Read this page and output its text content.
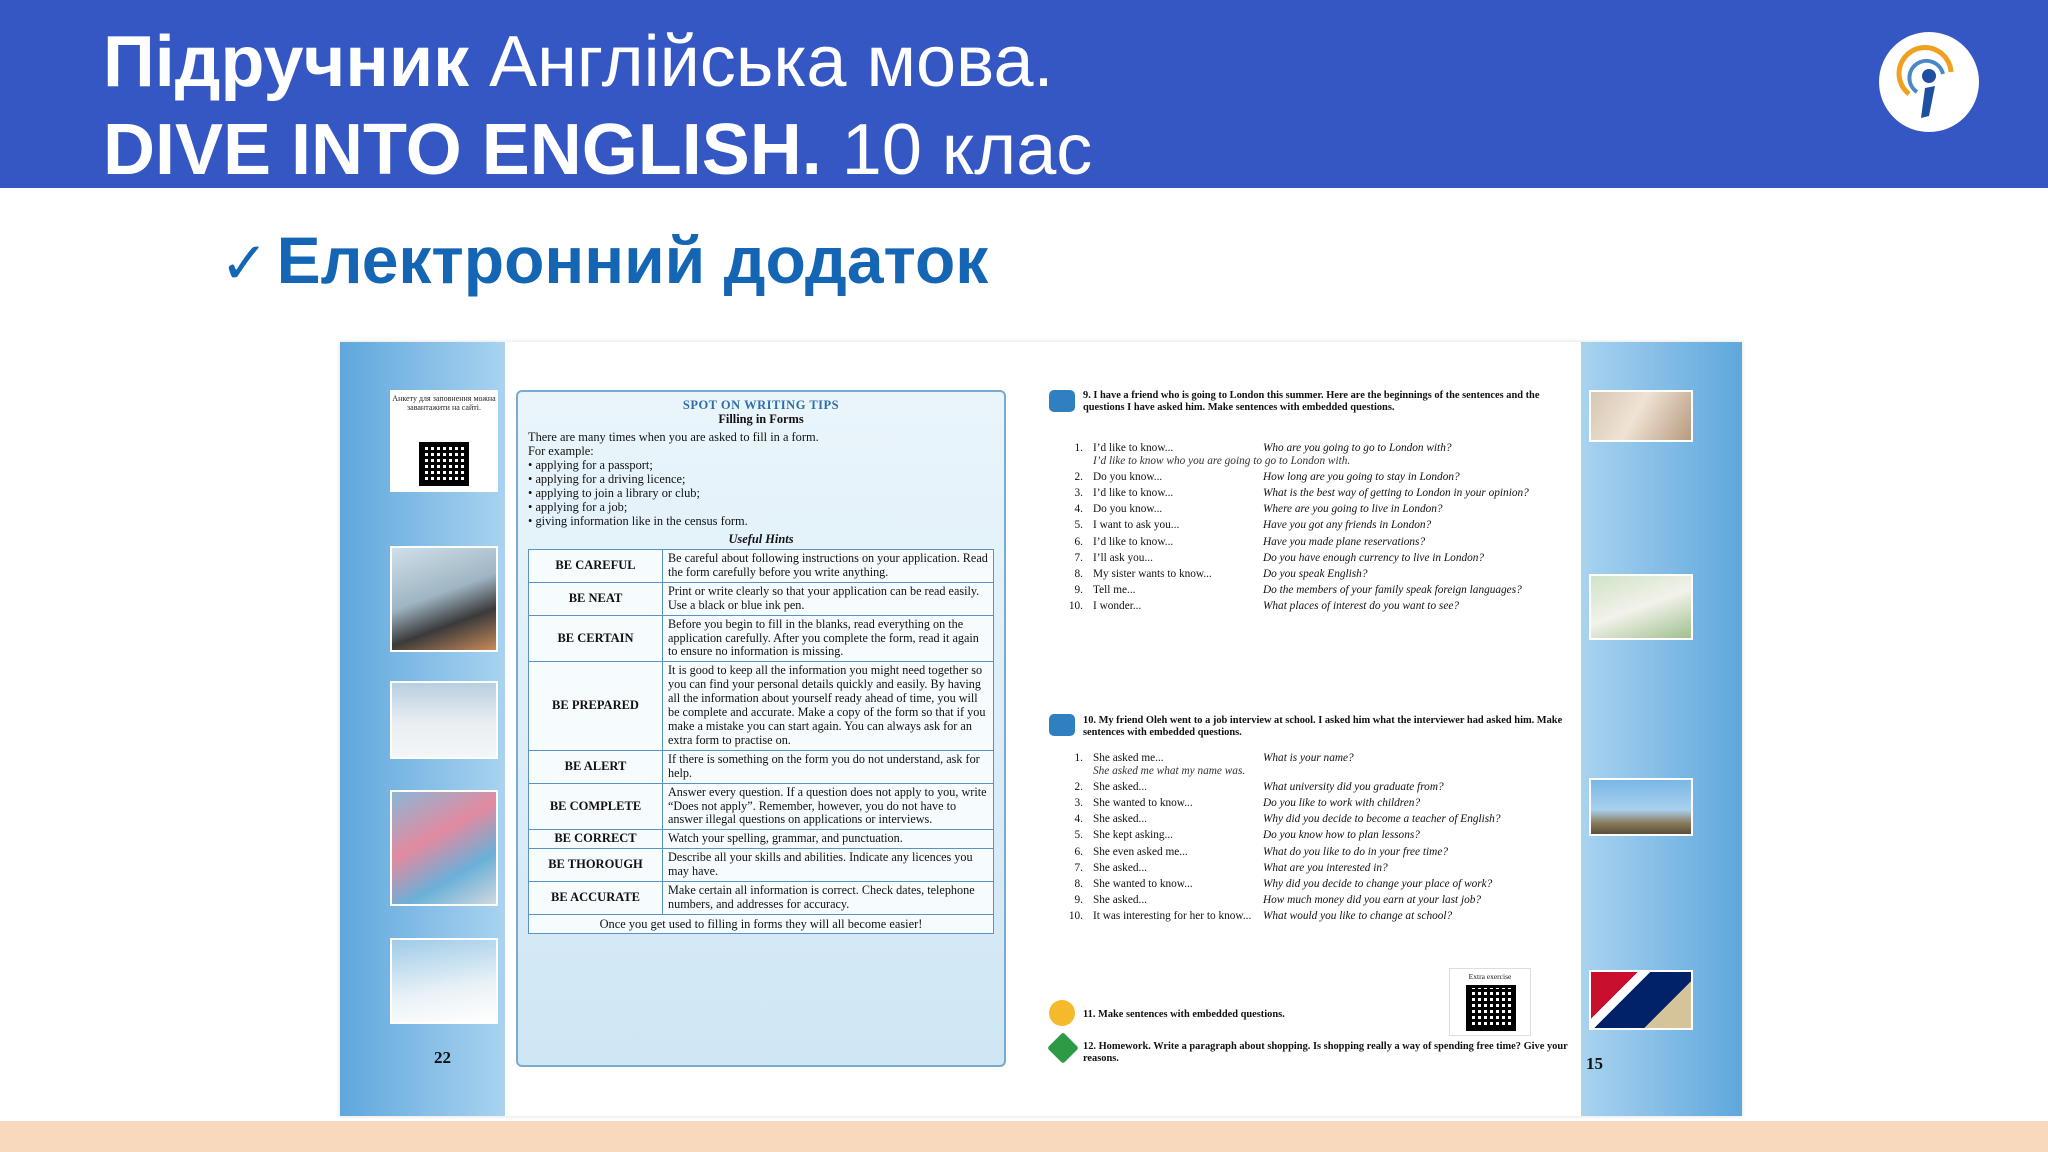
Підручник Англійська мова.
DIVE INTO ENGLISH. 10 клас
✓ Електронний додаток
Анкету для заповнення можна завантажити на сайті.
22
SPOT ON WRITING TIPS
Filling in Forms
There are many times when you are asked to fill in a form.
For example:
• applying for a passport;
• applying for a driving licence;
• applying to join a library or club;
• applying for a job;
• giving information like in the census form.
Useful Hints
BE CAREFUL	Be careful about following instructions on your application. Read the form carefully before you write anything.
BE NEAT	Print or write clearly so that your application can be read easily. Use a black or blue ink pen.
BE CERTAIN	Before you begin to fill in the blanks, read everything on the application carefully. After you complete the form, read it again to ensure no information is missing.
BE PREPARED	It is good to keep all the information you might need together so you can find your personal details quickly and easily. By having all the information about yourself ready ahead of time, you will be complete and accurate. Make a copy of the form so that if you make a mistake you can start again. You can always ask for an extra form to practise on.
BE ALERT	If there is something on the form you do not understand, ask for help.
BE COMPLETE	Answer every question. If a question does not apply to you, write “Does not apply”. Remember, however, you do not have to answer illegal questions on applications or interviews.
BE CORRECT	Watch your spelling, grammar, and punctuation.
BE THOROUGH	Describe all your skills and abilities. Indicate any licences you may have.
BE ACCURATE	Make certain all information is correct. Check dates, telephone numbers, and addresses for accuracy.
Once you get used to filling in forms they will all become easier!
15
9. I have a friend who is going to London this summer. Here are the beginnings of the sentences and the questions I have asked him. Make sentences with embedded questions.
1. I’d like to know...	Who are you going to go to London with?
I’d like to know who you are going to go to London with.
2. Do you know...	How long are you going to stay in London?
3. I’d like to know...	What is the best way of getting to London in your opinion?
4. Do you know...	Where are you going to live in London?
5. I want to ask you...	Have you got any friends in London?
6. I’d like to know...	Have you made plane reservations?
7. I’ll ask you...	Do you have enough currency to live in London?
8. My sister wants to know...	Do you speak English?
9. Tell me...	Do the members of your family speak foreign languages?
10. I wonder...	What places of interest do you want to see?
10. My friend Oleh went to a job interview at school. I asked him what the interviewer had asked him. Make sentences with embedded questions.
1. She asked me...	What is your name?
She asked me what my name was.
2. She asked...	What university did you graduate from?
3. She wanted to know...	Do you like to work with children?
4. She asked...	Why did you decide to become a teacher of English?
5. She kept asking...	Do you know how to plan lessons?
6. She even asked me...	What do you like to do in your free time?
7. She asked...	What are you interested in?
8. She wanted to know...	Why did you decide to change your place of work?
9. She asked...	How much money did you earn at your last job?
10. It was interesting for her to know...	What would you like to change at school?
Extra exercise
11. Make sentences with embedded questions.
12. Homework. Write a paragraph about shopping. Is shopping really a way of spending free time? Give your reasons.
